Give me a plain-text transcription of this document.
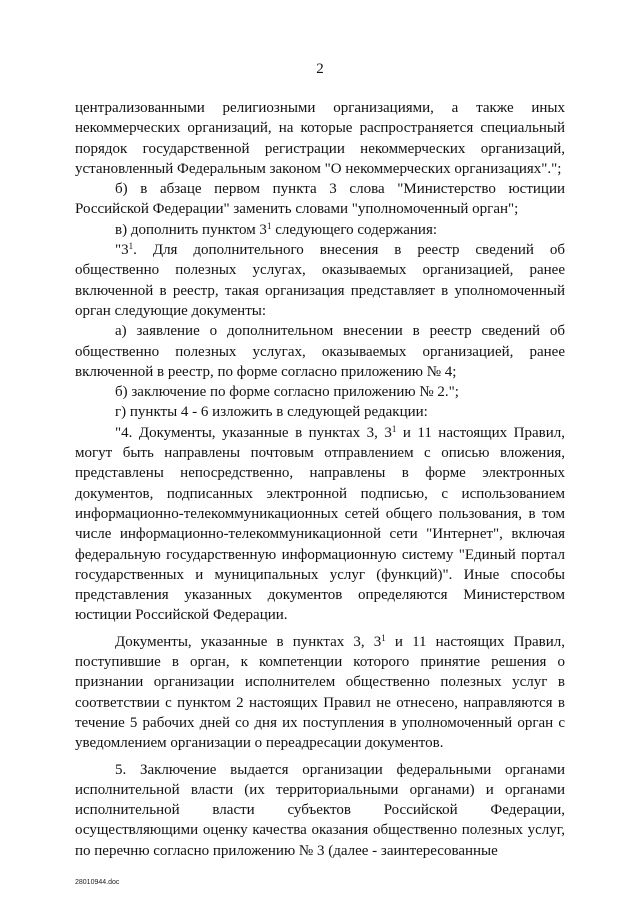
2

централизованными религиозными организациями, а также иных некоммерческих организаций, на которые распространяется специальный порядок государственной регистрации некоммерческих организаций, установленный Федеральным законом "О некоммерческих организациях".";

б) в абзаце первом пункта 3 слова "Министерство юстиции Российской Федерации" заменить словами "уполномоченный орган";

в) дополнить пунктом $3^1$ следующего содержания:

"$3^1$. Для дополнительного внесения в реестр сведений об общественно полезных услугах, оказываемых организацией, ранее включенной в реестр, такая организация представляет в уполномоченный орган следующие документы:

а) заявление о дополнительном внесении в реестр сведений об общественно полезных услугах, оказываемых организацией, ранее включенной в реестр, по форме согласно приложению № 4;

б) заключение по форме согласно приложению № 2.";

г) пункты 4 - 6 изложить в следующей редакции:

"4. Документы, указанные в пунктах 3, $3^1$ и 11 настоящих Правил, могут быть направлены почтовым отправлением с описью вложения, представлены непосредственно, направлены в форме электронных документов, подписанных электронной подписью, с использованием информационно-телекоммуникационных сетей общего пользования, в том числе информационно-телекоммуникационной сети "Интернет", включая федеральную государственную информационную систему "Единый портал государственных и муниципальных услуг (функций)". Иные способы представления указанных документов определяются Министерством юстиции Российской Федерации.

Документы, указанные в пунктах 3, $3^1$ и 11 настоящих Правил, поступившие в орган, к компетенции которого принятие решения о признании организации исполнителем общественно полезных услуг в соответствии с пунктом 2 настоящих Правил не отнесено, направляются в течение 5 рабочих дней со дня их поступления в уполномоченный орган с уведомлением организации о переадресации документов.

5. Заключение выдается организации федеральными органами исполнительной власти (их территориальными органами) и органами исполнительной власти субъектов Российской Федерации, осуществляющими оценку качества оказания общественно полезных услуг, по перечню согласно приложению № 3 (далее - заинтересованные

28010944.doc
